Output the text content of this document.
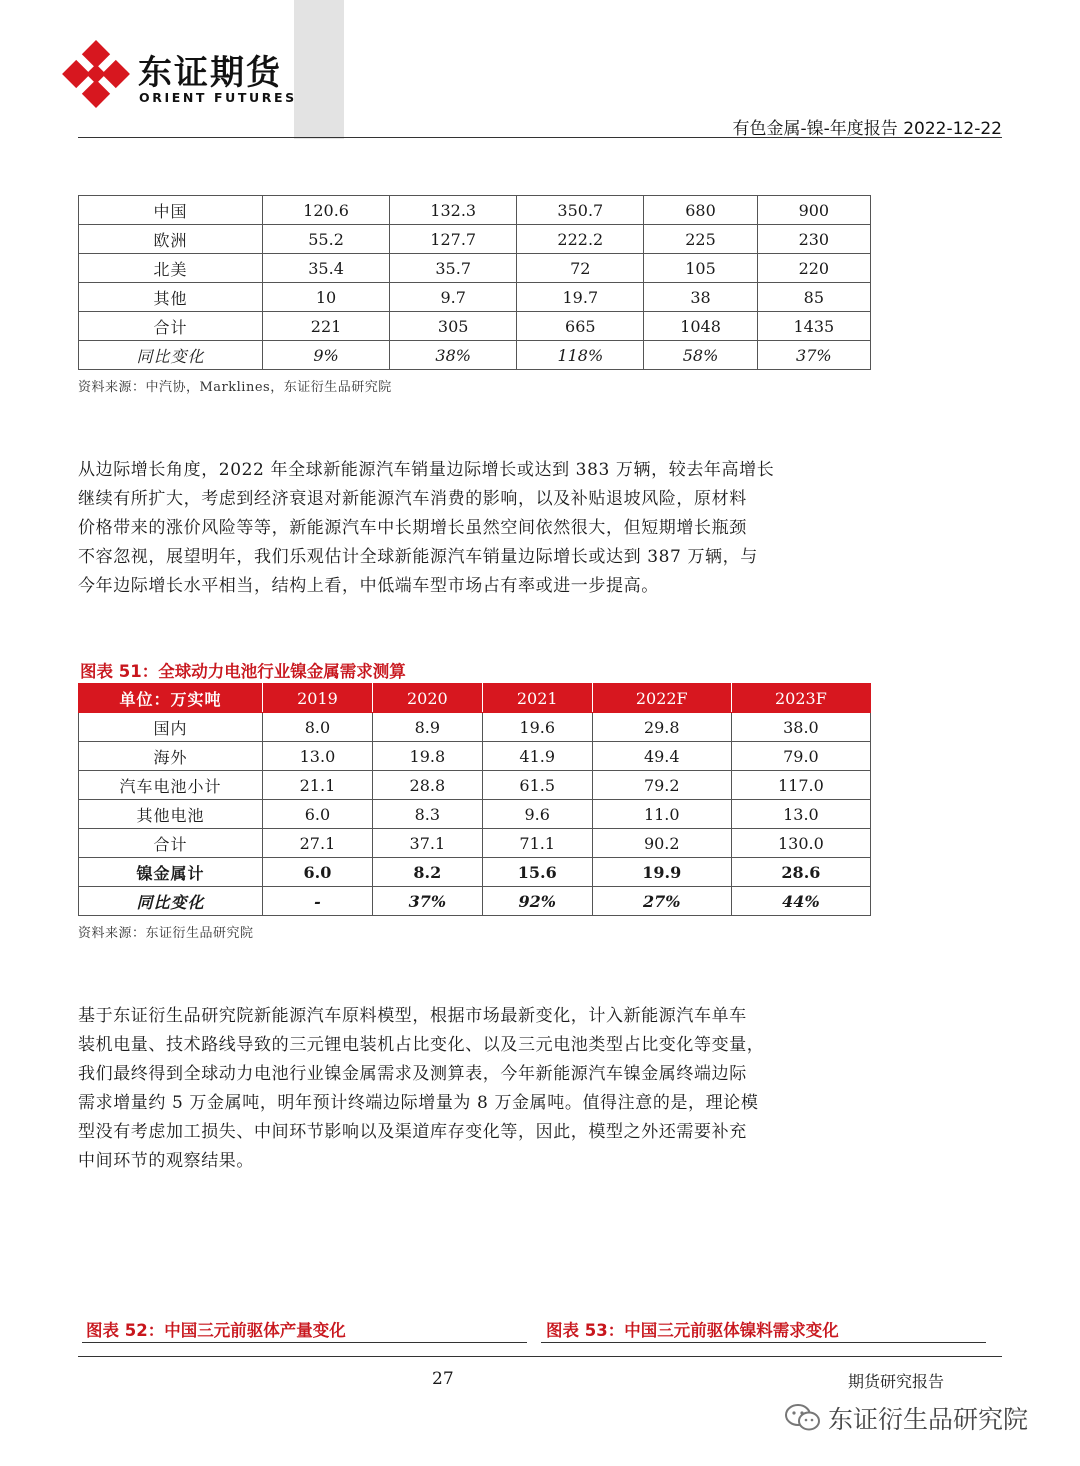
东证期货
ORIENT FUTURES
有色金属-镍-年度报告 2022-12-22
中国	120.6	132.3	350.7	680	900
欧洲	55.2	127.7	222.2	225	230
北美	35.4	35.7	72	105	220
其他	10	9.7	19.7	38	85
合计	221	305	665	1048	1435
同比变化	9%	38%	118%	58%	37%
资料来源：中汽协，Marklines，东证衍生品研究院

从边际增长角度，2022 年全球新能源汽车销量边际增长或达到 383 万辆，较去年高增长

继续有所扩大，考虑到经济衰退对新能源汽车消费的影响，以及补贴退坡风险，原材料

价格带来的涨价风险等等，新能源汽车中长期增长虽然空间依然很大，但短期增长瓶颈

不容忽视，展望明年，我们乐观估计全球新能源汽车销量边际增长或达到 387 万辆，与

今年边际增长水平相当，结构上看，中低端车型市场占有率或进一步提高。

图表 51：全球动力电池行业镍金属需求测算
单位：万实吨	2019	2020	2021	2022F	2023F
国内	8.0	8.9	19.6	29.8	38.0
海外	13.0	19.8	41.9	49.4	79.0
汽车电池小计	21.1	28.8	61.5	79.2	117.0
其他电池	6.0	8.3	9.6	11.0	13.0
合计	27.1	37.1	71.1	90.2	130.0
镍金属计	6.0	8.2	15.6	19.9	28.6
同比变化	-	37%	92%	27%	44%
资料来源：东证衍生品研究院

基于东证衍生品研究院新能源汽车原料模型，根据市场最新变化，计入新能源汽车单车

装机电量、技术路线导致的三元锂电装机占比变化、以及三元电池类型占比变化等变量，

我们最终得到全球动力电池行业镍金属需求及测算表，今年新能源汽车镍金属终端边际

需求增量约 5 万金属吨，明年预计终端边际增量为 8 万金属吨。值得注意的是，理论模

型没有考虑加工损失、中间环节影响以及渠道库存变化等，因此，模型之外还需要补充

中间环节的观察结果。

图表 52：中国三元前驱体产量变化	图表 53：中国三元前驱体镍料需求变化
27	期货研究报告
东证衍生品研究院
